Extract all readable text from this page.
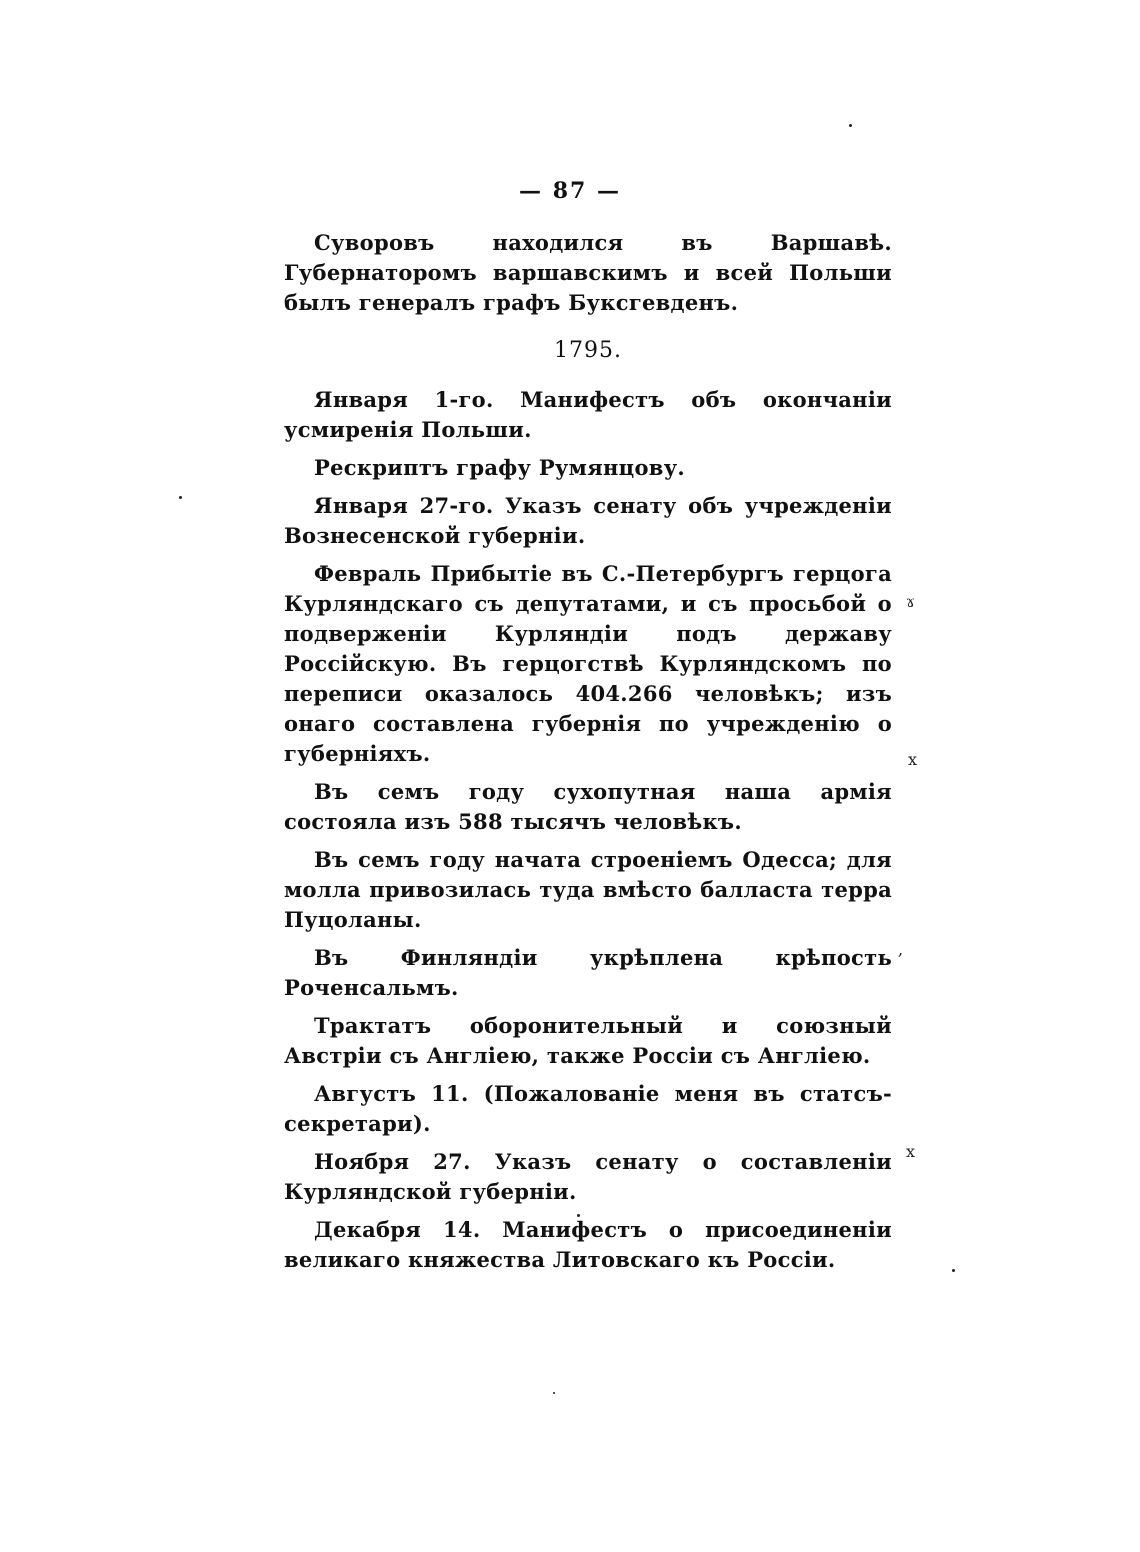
— 87 —

Суворовъ находился въ Варшавѣ. Губернаторомъ варшавскимъ и всей Польши былъ генералъ графъ Буксгевденъ.

1795.

Января 1-го. Манифестъ объ окончаніи усмиренія Польши.

Рескриптъ графу Румянцову.

Января 27-го. Указъ сенату объ учрежденіи Вознесенской губерніи.

Февраль Прибытіе въ С.-Петербургъ герцога Курляндскаго съ депутатами, и съ просьбой о подверженіи Курляндіи подъ державу Россійскую. Въ герцогствѣ Курляндскомъ по переписи оказалось 404.266 человѣкъ; изъ онаго составлена губернія по учрежденію о губерніяхъ.

Въ семъ году сухопутная наша армія состояла изъ 588 тысячъ человѣкъ.

Въ семъ году начата строеніемъ Одесса; для молла привозилась туда вмѣсто балласта терра Пуцоланы.

Въ Финляндіи укрѣплена крѣпость Роченсальмъ.

Трактатъ оборонительный и союзный Австріи съ Англіею, также Россіи съ Англіею.

Августъ 11. (Пожалованіе меня въ статсъ-секретари).

Ноября 27. Указъ сенату о составленіи Курляндской губерніи.

Декабря 14. Манифестъ о присоединеніи великаго княжества Литовскаго къ Россіи.

ɤ
x
,
x
